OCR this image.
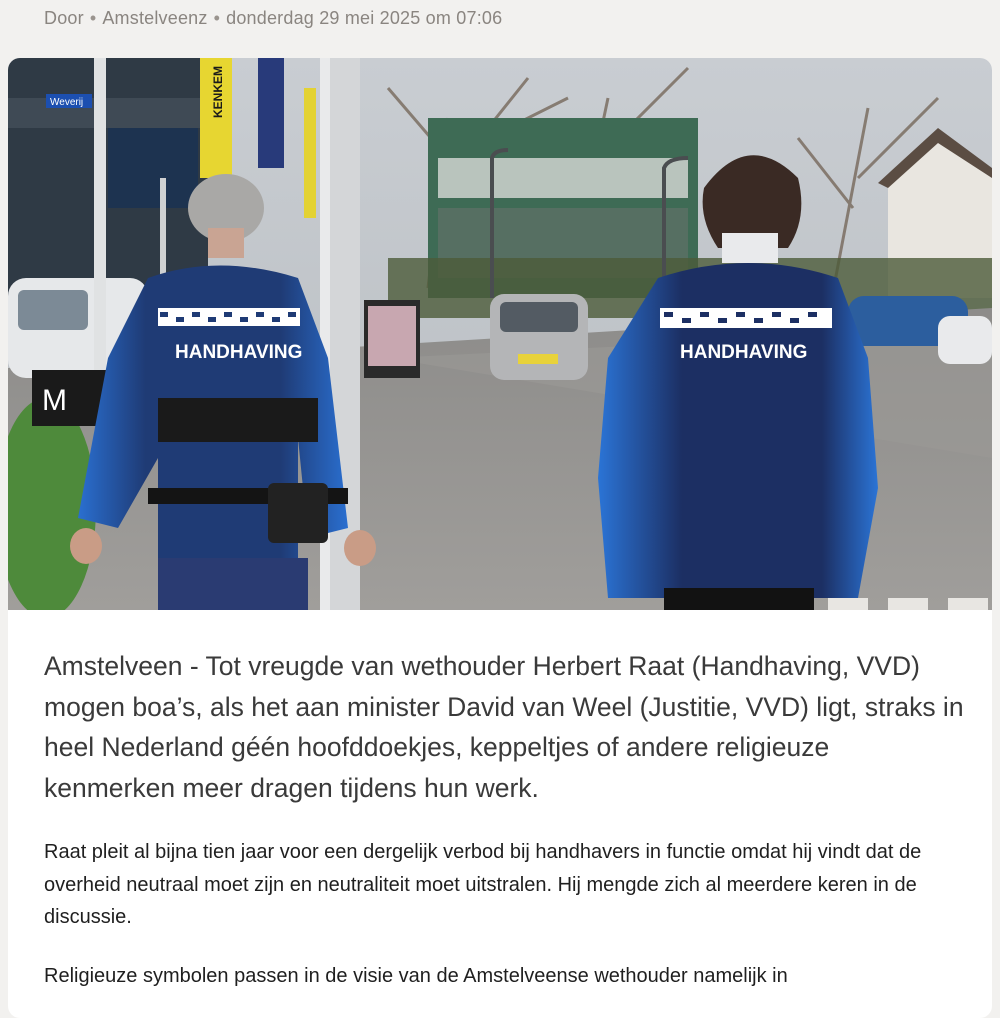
Door • Amstelveenz • donderdag 29 mei 2025 om 07:06
Weverij	KENKEM
M
HANDHAVING	HANDHAVING

Amstelveen - Tot vreugde van wethouder Herbert Raat (Handhaving, VVD) mogen boa’s, als het aan minister David van Weel (Justitie, VVD) ligt, straks in heel Nederland géén hoofddoekjes, keppeltjes of andere religieuze kenmerken meer dragen tijdens hun werk.

Raat pleit al bijna tien jaar voor een dergelijk verbod bij handhavers in functie omdat hij vindt dat de overheid neutraal moet zijn en neutraliteit moet uitstralen. Hij mengde zich al meerdere keren in de discussie.

Religieuze symbolen passen in de visie van de Amstelveense wethouder namelijk in
